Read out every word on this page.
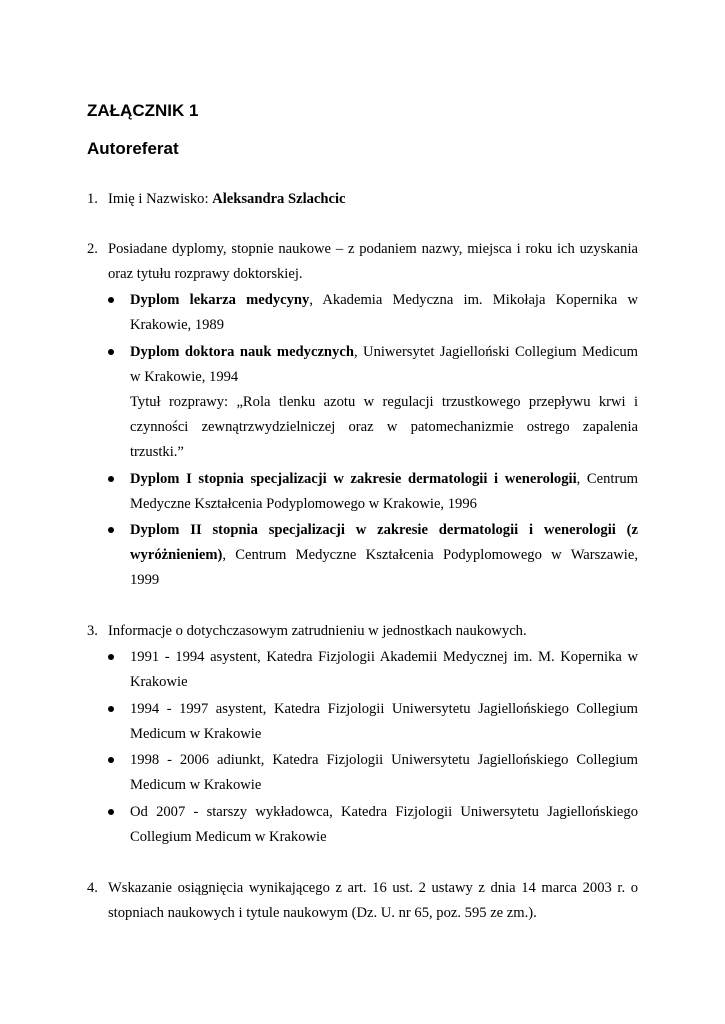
ZAŁĄCZNIK 1
Autoreferat
1. Imię i Nazwisko: Aleksandra Szlachcic
2. Posiadane dyplomy, stopnie naukowe – z podaniem nazwy, miejsca i roku ich uzyskania
oraz tytułu rozprawy doktorskiej.
Dyplom lekarza medycyny, Akademia Medyczna im. Mikołaja Kopernika w
Krakowie, 1989
Dyplom doktora nauk medycznych, Uniwersytet Jagielloński Collegium Medicum
w Krakowie, 1994
Tytuł rozprawy: „Rola tlenku azotu w regulacji trzustkowego przepływu krwi i
czynności zewnątrzwydzielniczej oraz w patomechanizmie ostrego zapalenia
trzustki.”
Dyplom I stopnia specjalizacji w zakresie dermatologii i wenerologii, Centrum
Medyczne Kształcenia Podyplomowego w Krakowie, 1996
Dyplom II stopnia specjalizacji w zakresie dermatologii i wenerologii (z
wyróżnieniem), Centrum Medyczne Kształcenia Podyplomowego w Warszawie,
1999
3. Informacje o dotychczasowym zatrudnieniu w jednostkach naukowych.
1991 - 1994 asystent, Katedra Fizjologii Akademii Medycznej im. M. Kopernika w
Krakowie
1994 - 1997 asystent, Katedra Fizjologii Uniwersytetu Jagiellońskiego Collegium
Medicum w Krakowie
1998 - 2006 adiunkt, Katedra Fizjologii Uniwersytetu Jagiellońskiego Collegium
Medicum w Krakowie
Od 2007 - starszy wykładowca, Katedra Fizjologii Uniwersytetu Jagiellońskiego
Collegium Medicum w Krakowie
4. Wskazanie osiągnięcia wynikającego z art. 16 ust. 2 ustawy z dnia 14 marca 2003 r. o
stopniach naukowych i tytule naukowym (Dz. U. nr 65, poz. 595 ze zm.).
